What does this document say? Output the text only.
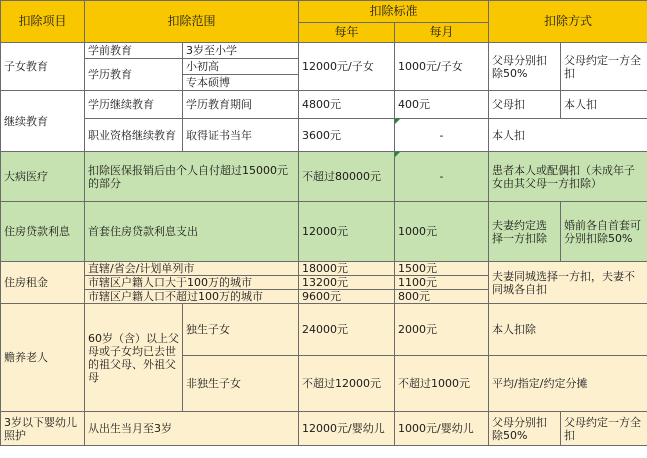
扣除项目	扣除范围		扣除标准		扣除方式	
			每年	每月		
子女教育	学前教育	3岁至小学	12000元/子女	1000元/子女	父母分别扣除50%	父母约定一方全扣
	学历教育	小初高				
		专本硕博				
继续教育	学历继续教育	学历教育期间	4800元	400元	父母扣	本人扣
	职业资格继续教育	取得证书当年	3600元	-	本人扣	
大病医疗	扣除医保报销后由个人自付超过15000元的部分		不超过80000元	-	患者本人或配偶扣（未成年子女由其父母一方扣除）	
住房贷款利息	首套住房贷款利息支出		12000元	1000元	夫妻约定选择一方扣除	婚前各自首套可分别扣除50%
住房租金	直辖/省会/计划单列市		18000元	1500元	夫妻同城选择一方扣，夫妻不同城各自扣	
	市辖区户籍人口大于100万的城市		13200元	1100元		
	市辖区户籍人口不超过100万的城市		9600元	800元		
赡养老人	60岁（含）以上父母或子女均已去世的祖父母、外祖父母	独生子女	24000元	2000元	本人扣除	
		非独生子女	不超过12000元	不超过1000元	平均/指定/约定分摊	
3岁以下婴幼儿照护	从出生当月至3岁		12000元/婴幼儿	1000元/婴幼儿	父母分别扣除50%	父母约定一方全扣
